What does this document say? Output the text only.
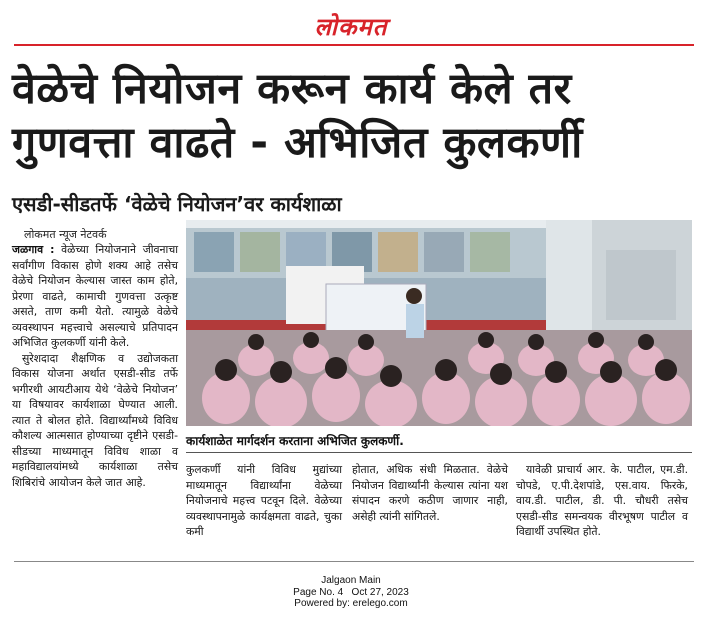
लोकमत
वेळेचे नियोजन करून कार्य केले तर गुणवत्ता वाढते - अभिजित कुलकर्णी
एसडी-सीडतर्फे ‘वेळेचे नियोजन’वर कार्यशाळा
लोकमत न्यूज नेटवर्क

जळगाव : वेळेच्या नियोजनाने जीवनाचा सर्वांगीण विकास होणे शक्य आहे तसेच वेळेचे नियोजन केल्यास जास्त काम होते, प्रेरणा वाढते, कामाची गुणवत्ता उत्कृष्ट असते, ताण कमी येतो. त्यामुळे वेळेचे व्यवस्थापन महत्त्वाचे असल्याचे प्रतिपादन अभिजित कुलकर्णी यांनी केले.

सुरेशदादा शैक्षणिक व उद्योजकता विकास योजना अर्थात एसडी-सीड तर्फे भगीरथी आयटीआय येथे ‘वेळेचे नियोजन’ या विषयावर कार्यशाळा घेण्यात आली. त्यात ते बोलत होते. विद्यार्थ्यांमध्ये विविध कौशल्य आत्मसात होण्याच्या दृष्टीने एसडी-सीडच्या माध्यमातून विविध शाळा व महाविद्यालयांमध्ये कार्यशाळा तसेच शिबिरांचे आयोजन केले जात आहे.

कार्यशाळेत मार्गदर्शन करताना अभिजित कुलकर्णी.

कुलकर्णी यांनी विविध मुद्यांच्या माध्यमातून विद्यार्थ्यांना वेळेच्या नियोजनाचे महत्त्व पटवून दिले. वेळेच्या व्यवस्थापनामुळे कार्यक्षमता वाढते, चुका कमी

होतात, अधिक संधी मिळतात. वेळेचे नियोजन विद्यार्थ्यांनी केल्यास त्यांना यश संपादन करणे कठीण जाणार नाही, असेही त्यांनी सांगितले.

यावेळी प्राचार्य आर. के. पाटील, एम.डी. चोपडे, ए.पी.देशपांडे, एस.वाय. फिरके, वाय.डी. पाटील, डी. पी. चौधरी तसेच एसडी-सीड समन्वयक वीरभूषण पाटील व विद्यार्थी उपस्थित होते.

Jalgaon Main
Page No. 4   Oct 27, 2023
Powered by: erelego.com
